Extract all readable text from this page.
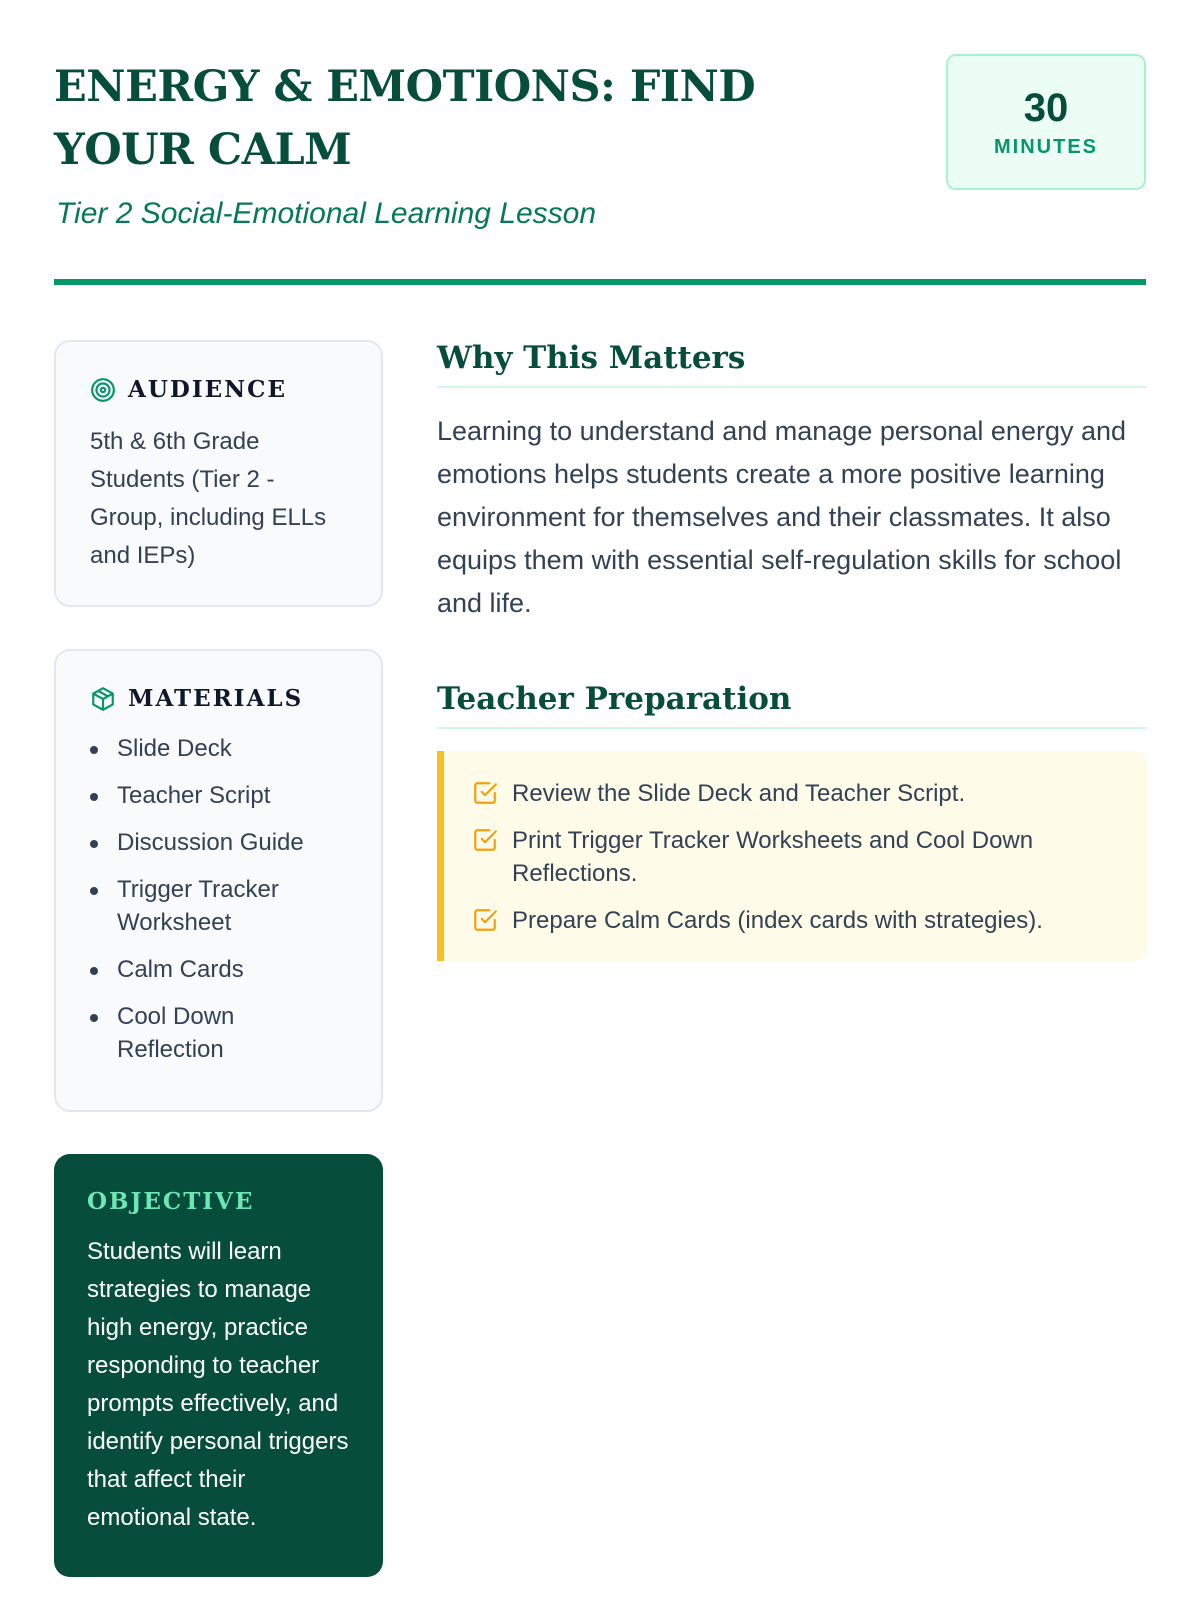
ENERGY & EMOTIONS: FIND YOUR CALM
Tier 2 Social-Emotional Learning Lesson
30
MINUTES
AUDIENCE
5th & 6th Grade Students (Tier 2 - Group, including ELLs and IEPs)
MATERIALS
Slide Deck
Teacher Script
Discussion Guide
Trigger Tracker Worksheet
Calm Cards
Cool Down Reflection
OBJECTIVE
Students will learn strategies to manage high energy, practice responding to teacher prompts effectively, and identify personal triggers that affect their emotional state.
Why This Matters

Learning to understand and manage personal energy and emotions helps students create a more positive learning environment for themselves and their classmates. It also equips them with essential self-regulation skills for school and life.

Teacher Preparation
Review the Slide Deck and Teacher Script.
Print Trigger Tracker Worksheets and Cool Down Reflections.
Prepare Calm Cards (index cards with strategies).
